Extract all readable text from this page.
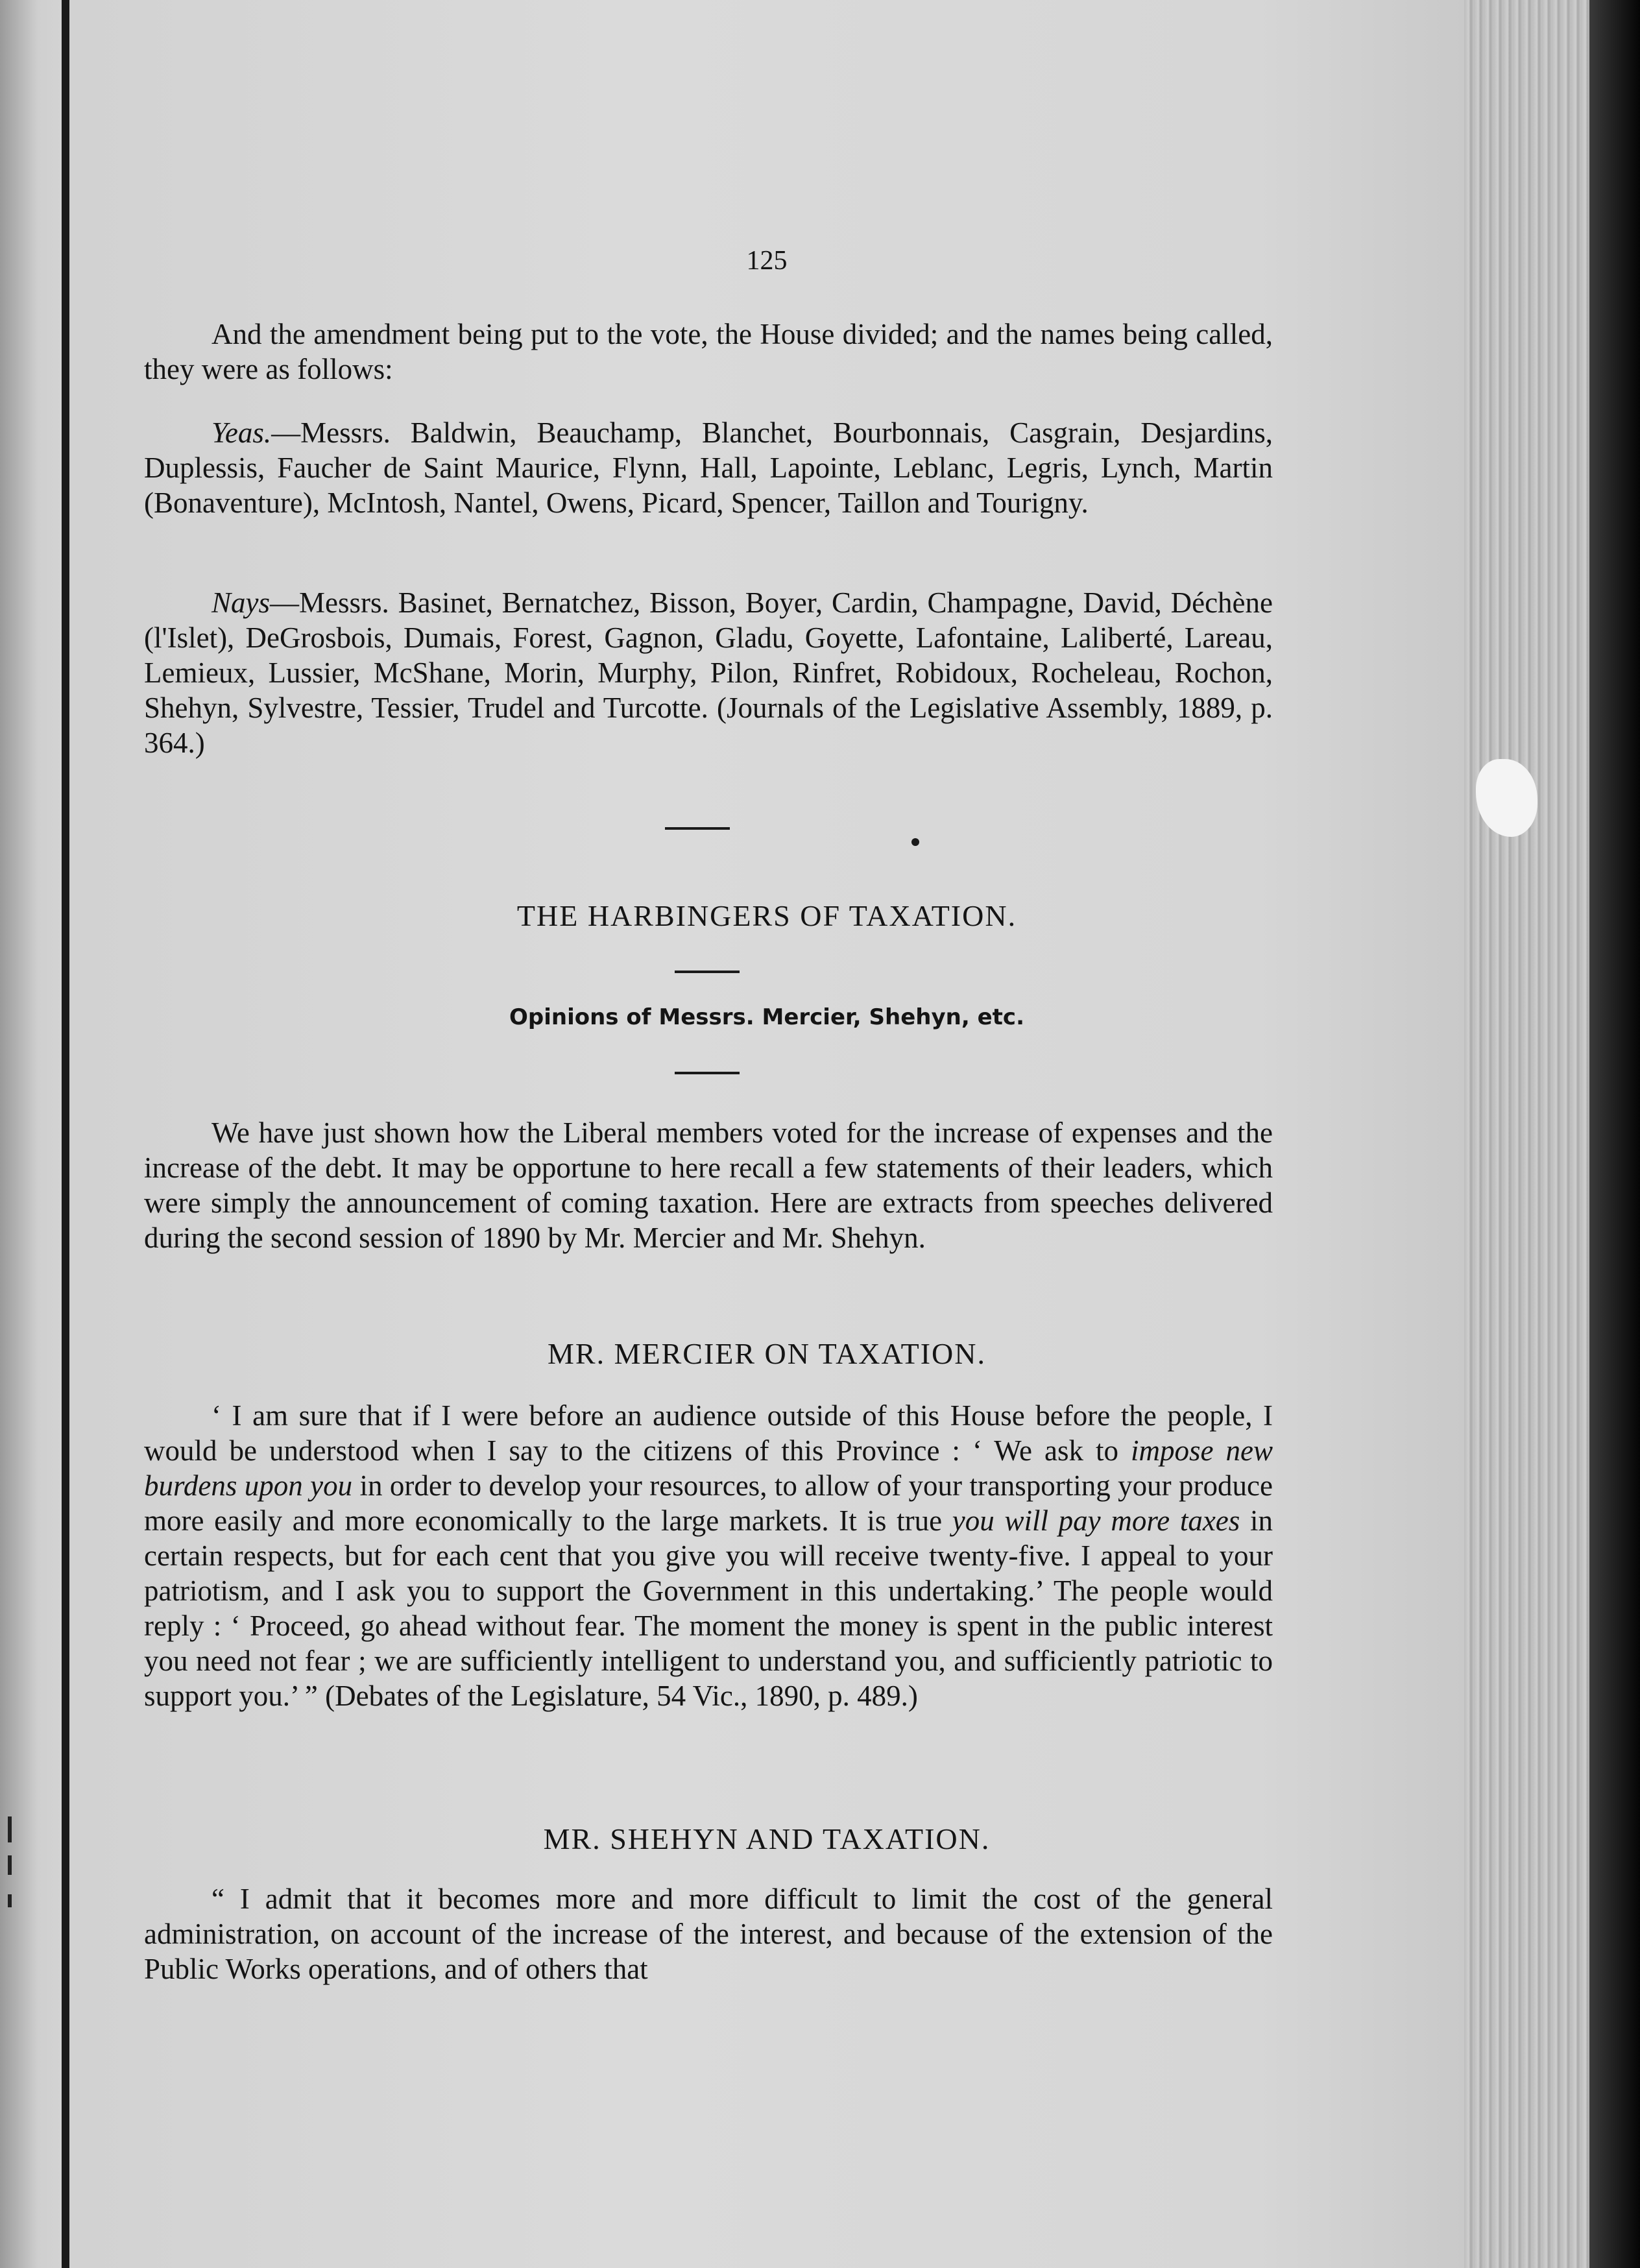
125

And the amendment being put to the vote, the House divided; and the names being called, they were as follows:

Yeas.—Messrs. Baldwin, Beauchamp, Blanchet, Bourbonnais, Casgrain, Desjardins, Duplessis, Faucher de Saint Maurice, Flynn, Hall, Lapointe, Leblanc, Legris, Lynch, Martin (Bonaventure), McIntosh, Nantel, Owens, Picard, Spencer, Taillon and Tourigny.

Nays—Messrs. Basinet, Bernatchez, Bisson, Boyer, Cardin, Champagne, David, Déchène (l'Islet), DeGrosbois, Dumais, Forest, Gagnon, Gladu, Goyette, Lafontaine, Laliberté, Lareau, Lemieux, Lussier, McShane, Morin, Murphy, Pilon, Rinfret, Robidoux, Rocheleau, Rochon, Shehyn, Sylvestre, Tessier, Trudel and Turcotte. (Journals of the Legislative Assembly, 1889, p. 364.)

THE HARBINGERS OF TAXATION.
Opinions of Messrs. Mercier, Shehyn, etc.

We have just shown how the Liberal members voted for the increase of expenses and the increase of the debt. It may be opportune to here recall a few statements of their leaders, which were simply the announcement of coming taxation. Here are extracts from speeches delivered during the second session of 1890 by Mr. Mercier and Mr. Shehyn.

MR. MERCIER ON TAXATION.

‘ I am sure that if I were before an audience outside of this House before the people, I would be understood when I say to the citizens of this Province : ‘ We ask to impose new burdens upon you in order to develop your resources, to allow of your transporting your produce more easily and more economically to the large markets. It is true you will pay more taxes in certain respects, but for each cent that you give you will receive twenty-five. I appeal to your patriotism, and I ask you to support the Government in this undertaking.’ The people would reply : ‘ Proceed, go ahead without fear. The moment the money is spent in the public interest you need not fear ; we are sufficiently intelligent to understand you, and sufficiently patriotic to support you.’ ” (Debates of the Legislature, 54 Vic., 1890, p. 489.)

MR. SHEHYN AND TAXATION.

“ I admit that it becomes more and more difficult to limit the cost of the general administration, on account of the increase of the interest, and because of the extension of the Public Works operations, and of others that
